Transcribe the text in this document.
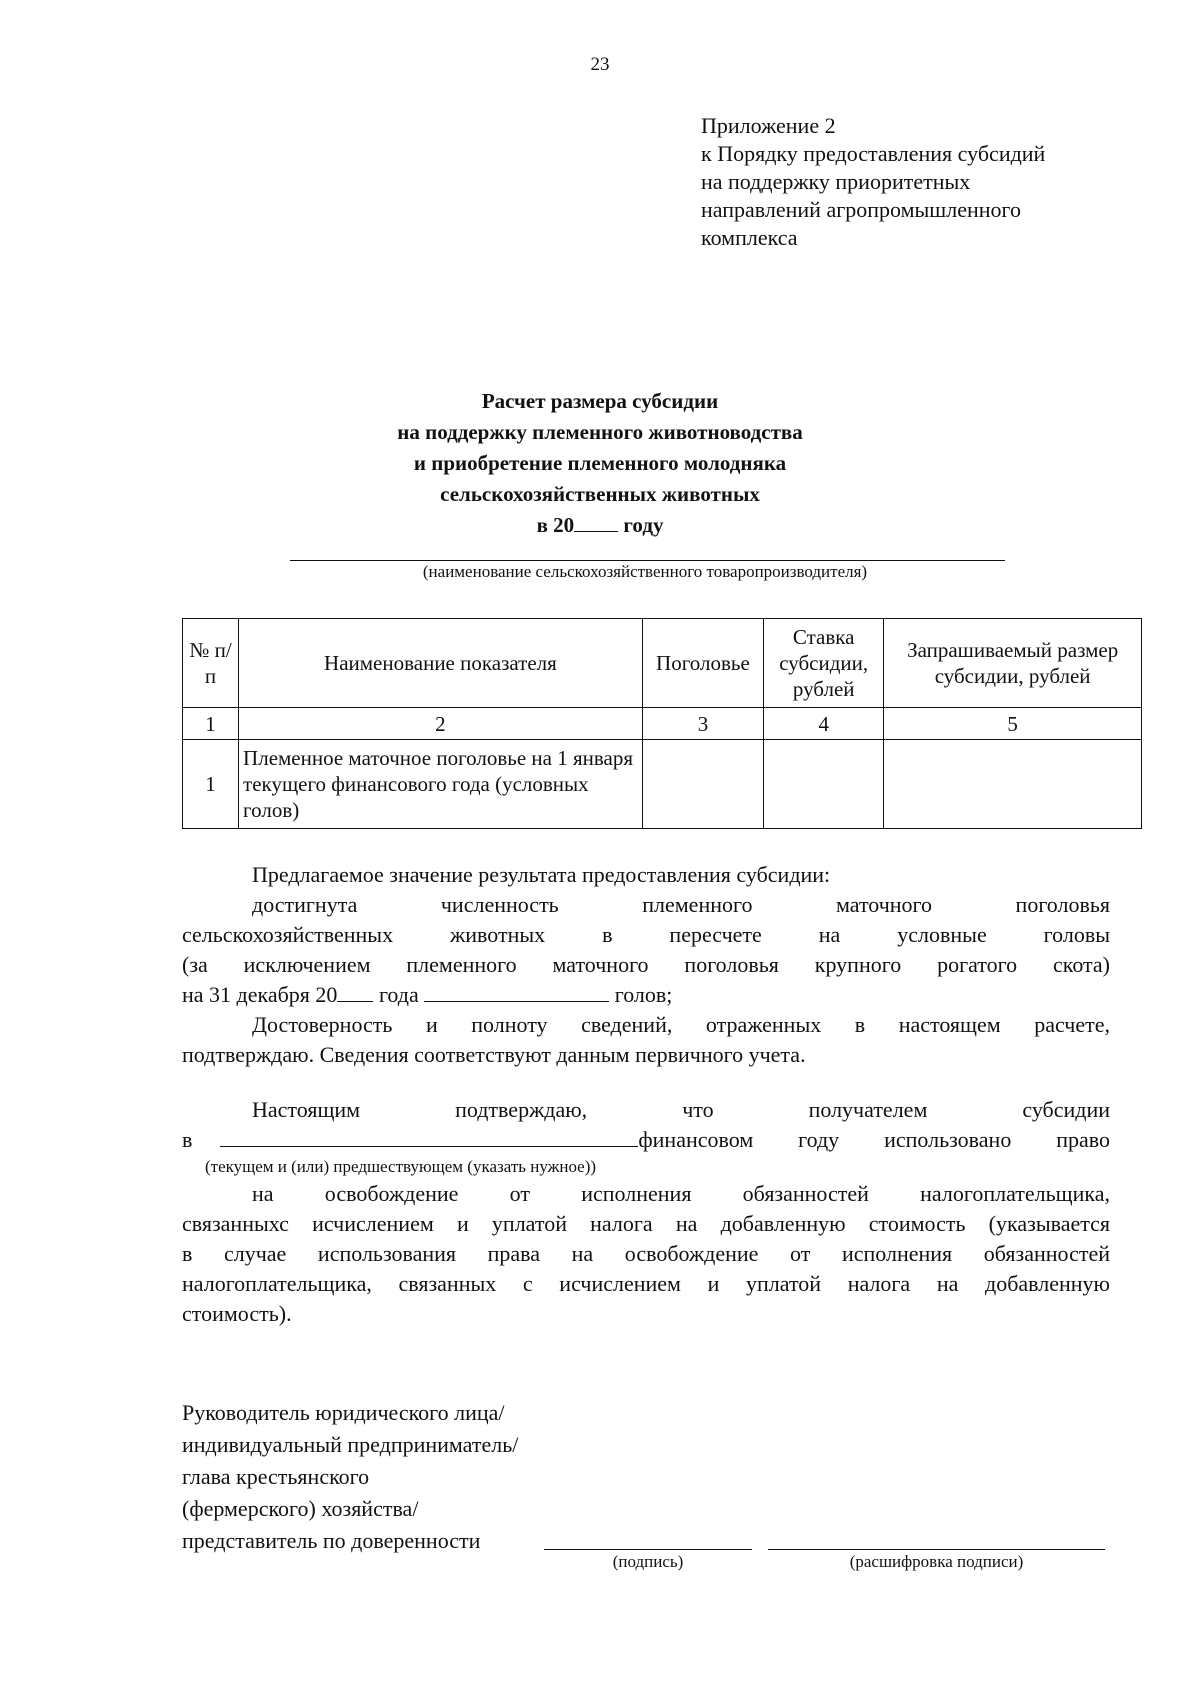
23
Приложение 2
к Порядку предоставления субсидий
на поддержку приоритетных
направлений агропромышленного
комплекса
Расчет размера субсидии
на поддержку племенного животноводства
и приобретение племенного молодняка
сельскохозяйственных животных
в 20 году
(наименование сельскохозяйственного товаропроизводителя)
№ п/п	Наименование показателя	Поголовье	Ставка субсидии, рублей	Запрашиваемый размер субсидии, рублей
1	2	3	4	5
1	Племенное маточное поголовье на 1 января текущего финансового года (условных голов)			
Предлагаемое значение результата предоставления субсидии:
достигнута	численность	племенного	маточного	поголовья
сельскохозяйственных	животных	в	пересчете	на	условные	головы
(за исключением племенного маточного поголовья крупного рогатого скота)
на 31 декабря 20 года	голов;
Достоверность и полноту сведений, отраженных в настоящем расчете,
подтверждаю. Сведения соответствуют данным первичного учета.
Настоящим	подтверждаю,	что	получателем	субсидии
в	финансовом году использовано право
(текущем и (или) предшествующем (указать нужное))
на освобождение от исполнения обязанностей налогоплательщика,
связанныхс исчислением и уплатой налога на добавленную стоимость (указывается
в случае использования права на освобождение от исполнения обязанностей
налогоплательщика, связанных с исчислением и уплатой налога на добавленную
стоимость).
Руководитель юридического лица/
индивидуальный предприниматель/
глава крестьянского
(фермерского) хозяйства/
представитель по доверенности
(подпись)	(расшифровка подписи)
